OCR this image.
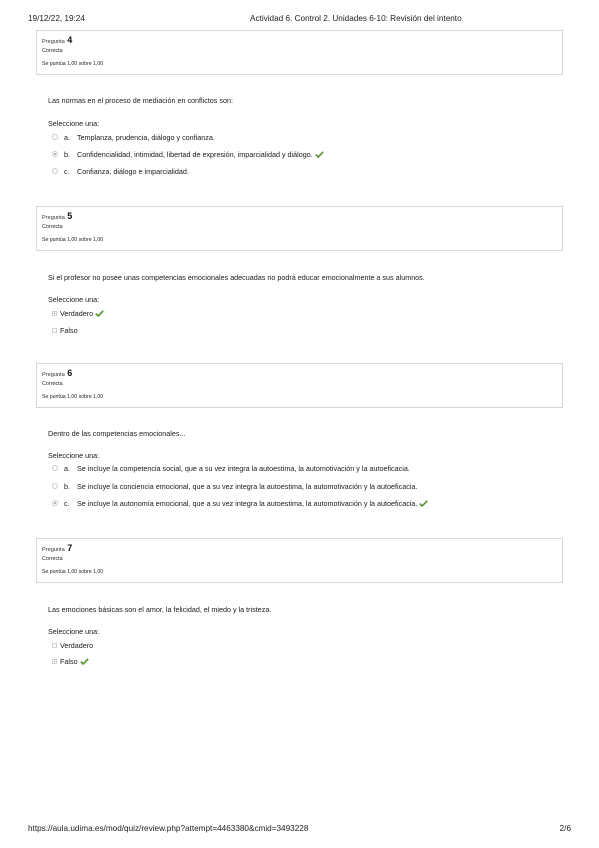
19/12/22, 19:24	Actividad 6. Control 2. Unidades 6-10: Revisión del intento
Pregunta 4
Correcta
Se puntúa 1,00 sobre 1,00
Las normas en el proceso de mediación en conflictos son:
Seleccione una:
a. Templanza, prudencia, diálogo y confianza.
b. Confidencialidad, intimidad, libertad de expresión, imparcialidad y diálogo.
c.	Confianza, diálogo e imparcialidad.
Pregunta 5
Correcta
Se puntúa 1,00 sobre 1,00
Si el profesor no posee unas competencias emocionales adecuadas no podrá educar emocionalmente a sus alumnos.
Seleccione una:
Verdadero
Falso
Pregunta 6
Correcta
Se puntúa 1,00 sobre 1,00
Dentro de las competencias emocionales...
Seleccione una:
a. Se incluye la competencia social, que a su vez integra la autoestima, la automotivación y la autoeficacia.
b. Se incluye la conciencia emocional, que a su vez integra la autoestima, la automotivación y la autoeficacia.
c.	Se incluye la autonomía emocional, que a su vez integra la autoestima, la automotivación y la autoeficacia.
Pregunta 7
Correcta
Se puntúa 1,00 sobre 1,00
Las emociones básicas son el amor, la felicidad, el miedo y la tristeza.
Seleccione una:
Verdadero
Falso
https://aula.udima.es/mod/quiz/review.php?attempt=4463380&cmid=3493228	2/6
